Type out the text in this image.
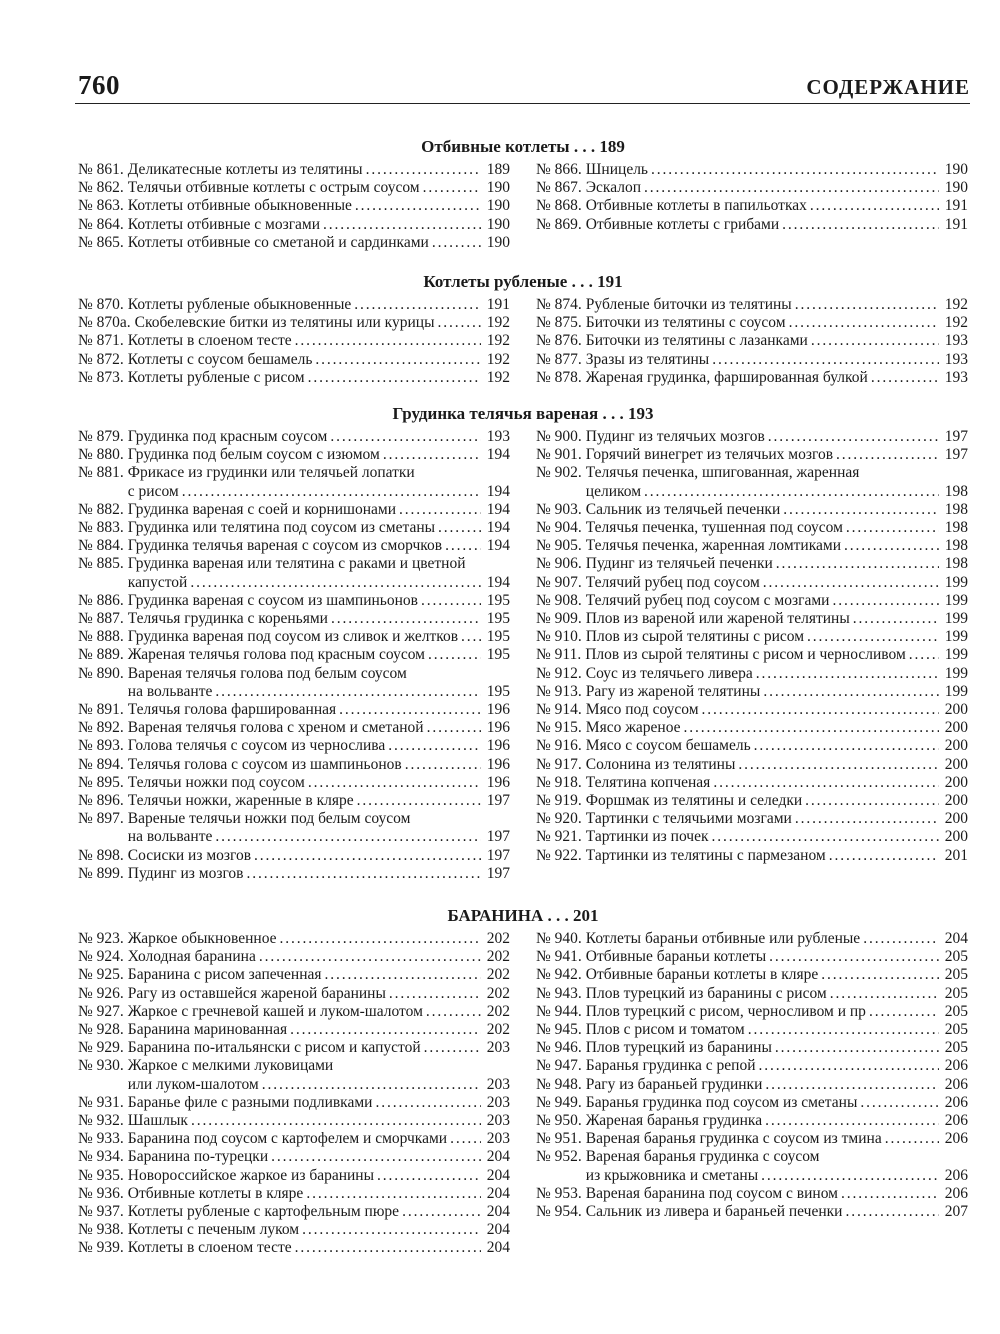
760	СОДЕРЖАНИЕ
Отбивные котлеты . . . 189
№ 861. Деликатесные котлеты из телятины . . .	189
№ 862. Телячьи отбивные котлеты с острым соусом . . .	190
№ 863. Котлеты отбивные обыкновенные . . .	190
№ 864. Котлеты отбивные с мозгами . . .	190
№ 865. Котлеты отбивные со сметаной и сардинками . . .	190
№ 866. Шницель . . .	190
№ 867. Эскалоп . . .	190
№ 868. Отбивные котлеты в папильотках . . .	191
№ 869. Отбивные котлеты с грибами . . .	191
Котлеты рубленые . . . 191
№ 870. Котлеты рубленые обыкновенные . . .	191
№ 870а. Скобелевские битки из телятины или курицы . . .	192
№ 871. Котлеты в слоеном тесте . . .	192
№ 872. Котлеты с соусом бешамель . . .	192
№ 873. Котлеты рубленые с рисом . . .	192
№ 874. Рубленые биточки из телятины . . .	192
№ 875. Биточки из телятины с соусом . . .	192
№ 876. Биточки из телятины с лазанками . . .	193
№ 877. Зразы из телятины . . .	193
№ 878. Жареная грудинка, фаршированная булкой . . .	193
Грудинка телячья вареная . . . 193
№ 879. Грудинка под красным соусом . . .	193
№ 880. Грудинка под белым соусом с изюмом . . .	194
№ 881. Фрикасе из грудинки или телячьей лопатки
с рисом . . .	194
№ 882. Грудинка вареная с соей и корнишонами . . .	194
№ 883. Грудинка или телятина под соусом из сметаны . . .	194
№ 884. Грудинка телячья вареная с соусом из сморчков . . .	194
№ 885. Грудинка вареная или телятина с раками и цветной
капустой . . .	194
№ 886. Грудинка вареная с соусом из шампиньонов . . .	195
№ 887. Телячья грудинка с кореньями . . .	195
№ 888. Грудинка вареная под соусом из сливок и желтков . . . 195
№ 889. Жареная телячья голова под красным соусом . . .	195
№ 890. Вареная телячья голова под белым соусом
на вольванте . . .	195
№ 891. Телячья голова фаршированная . . .	196
№ 892. Вареная телячья голова с хреном и сметаной . . .	196
№ 893. Голова телячья с соусом из чернослива . . .	196
№ 894. Телячья голова с соусом из шампиньонов . . .	196
№ 895. Телячьи ножки под соусом . . .	196
№ 896. Телячьи ножки, жаренные в кляре . . .	197
№ 897. Вареные телячьи ножки под белым соусом
на вольванте . . .	197
№ 898. Сосиски из мозгов . . .	197
№ 899. Пудинг из мозгов . . .	197
№ 900. Пудинг из телячьих мозгов . . .	197
№ 901. Горячий винегрет из телячьих мозгов . . .	197
№ 902. Телячья печенка, шпигованная, жаренная
целиком . . .	198
№ 903. Сальник из телячьей печенки . . .	198
№ 904. Телячья печенка, тушенная под соусом . . .	198
№ 905. Телячья печенка, жаренная ломтиками . . .	198
№ 906. Пудинг из телячьей печенки . . .	198
№ 907. Телячий рубец под соусом . . .	199
№ 908. Телячий рубец под соусом с мозгами . . .	199
№ 909. Плов из вареной или жареной телятины . . .	199
№ 910. Плов из сырой телятины с рисом . . .	199
№ 911. Плов из сырой телятины с рисом и черносливом . . .	199
№ 912. Соус из телячьего ливера . . .	199
№ 913. Рагу из жареной телятины . . .	199
№ 914. Мясо под соусом . . .	200
№ 915. Мясо жареное . . .	200
№ 916. Мясо с соусом бешамель . . .	200
№ 917. Солонина из телятины . . .	200
№ 918. Телятина копченая . . .	200
№ 919. Форшмак из телятины и селедки . . .	200
№ 920. Тартинки с телячьими мозгами . . .	200
№ 921. Тартинки из почек . . .	200
№ 922. Тартинки из телятины с пармезаном . . .	201
БАРАНИНА . . . 201
№ 923. Жаркое обыкновенное . . .	202
№ 924. Холодная баранина . . .	202
№ 925. Баранина с рисом запеченная . . .	202
№ 926. Рагу из оставшейся жареной баранины . . .	202
№ 927. Жаркое с гречневой кашей и луком-шалотом . . .	202
№ 928. Баранина маринованная . . .	202
№ 929. Баранина по-итальянски с рисом и капустой . . .	203
№ 930. Жаркое с мелкими луковицами
или луком-шалотом . . .	203
№ 931. Баранье филе с разными подливками . . .	203
№ 932. Шашлык . . .	203
№ 933. Баранина под соусом с картофелем и сморчками . . .	203
№ 934. Баранина по-турецки . . .	204
№ 935. Новороссийское жаркое из баранины . . .	204
№ 936. Отбивные котлеты в кляре . . .	204
№ 937. Котлеты рубленые с картофельным пюре . . .	204
№ 938. Котлеты с печеным луком . . .	204
№ 939. Котлеты в слоеном тесте . . .	204
№ 940. Котлеты бараньи отбивные или рубленые . . .	204
№ 941. Отбивные бараньи котлеты . . .	205
№ 942. Отбивные бараньи котлеты в кляре . . .	205
№ 943. Плов турецкий из баранины с рисом . . .	205
№ 944. Плов турецкий с рисом, черносливом и пр . . .	205
№ 945. Плов с рисом и томатом . . .	205
№ 946. Плов турецкий из баранины . . .	205
№ 947. Баранья грудинка с репой . . .	206
№ 948. Рагу из бараньей грудинки . . .	206
№ 949. Баранья грудинка под соусом из сметаны . . .	206
№ 950. Жареная баранья грудинка . . .	206
№ 951. Вареная баранья грудинка с соусом из тмина . . .	206
№ 952. Вареная баранья грудинка с соусом
из крыжовника и сметаны . . .	206
№ 953. Вареная баранина под соусом с вином . . .	206
№ 954. Сальник из ливера и бараньей печенки . . .	207
